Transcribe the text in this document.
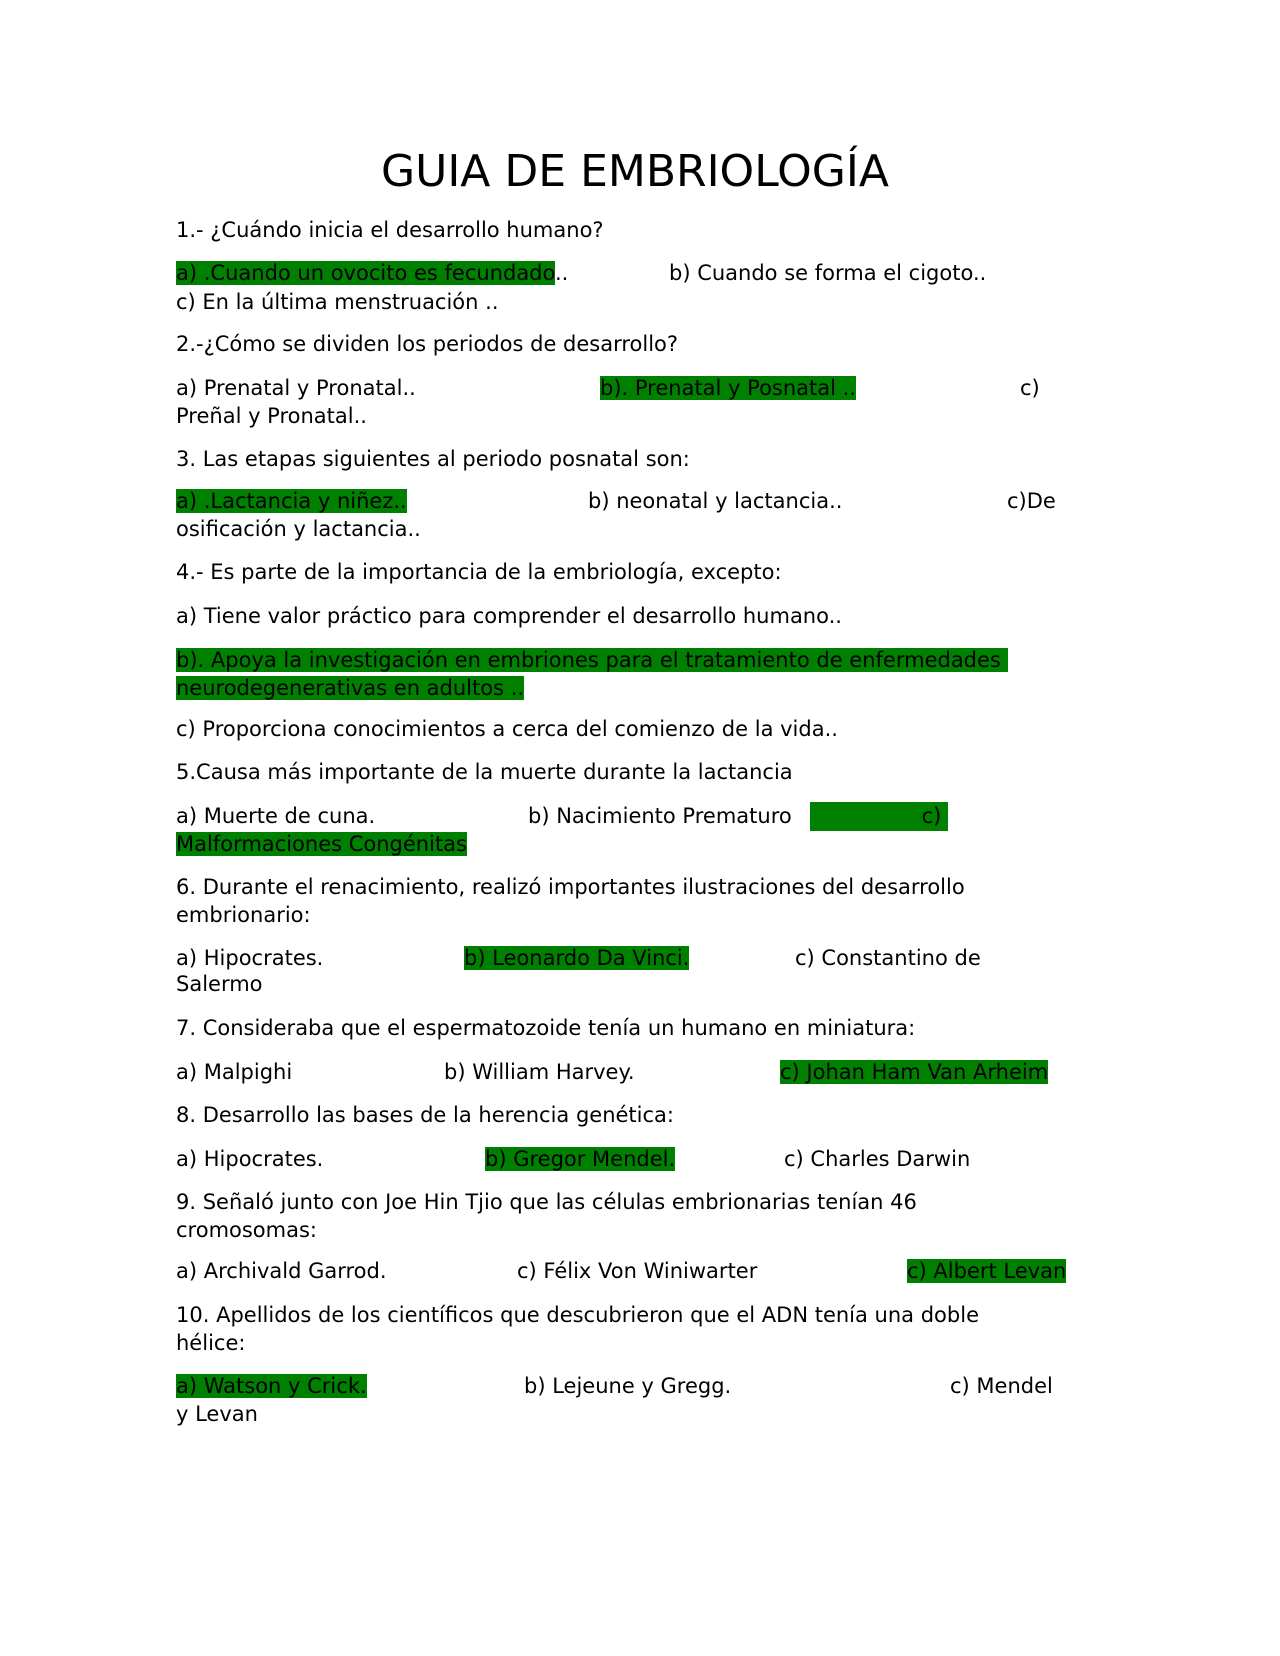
GUIA DE EMBRIOLOGÍA

1.- ¿Cuándo inicia el desarrollo humano?

a) .Cuando un ovocito es fecundado..	b) Cuando se forma el cigoto..

c) En la última menstruación ..

2.-¿Cómo se dividen los periodos de desarrollo?

a) Prenatal y Pronatal..	b). Prenatal y Posnatal ..	c)

Preñal y Pronatal..

3. Las etapas siguientes al periodo posnatal son:

a) .Lactancia y niñez..	b) neonatal y lactancia..	c)De

osificación y lactancia..

4.- Es parte de la importancia de la embriología, excepto:

a) Tiene valor práctico para comprender el desarrollo humano..

b). Apoya la investigación en embriones para el tratamiento de enfermedades

neurodegenerativas en adultos ..

c) Proporciona conocimientos a cerca del comienzo de la vida..

5.Causa más importante de la muerte durante la lactancia

a) Muerte de cuna.	b) Nacimiento Prematuro	c)

Malformaciones Congénitas

6. Durante el renacimiento, realizó importantes ilustraciones del desarrollo

embrionario:

a) Hipocrates.	b) Leonardo Da Vinci.	c) Constantino de

Salermo

7. Consideraba que el espermatozoide tenía un humano en miniatura:

a) Malpighi	b) William Harvey.	c) Johan Ham Van Arheim

8. Desarrollo las bases de la herencia genética:

a) Hipocrates.	b) Gregor Mendel.	c) Charles Darwin

9. Señaló junto con Joe Hin Tjio que las células embrionarias tenían 46

cromosomas:

a) Archivald Garrod.	c) Félix Von Winiwarter	c) Albert Levan

10. Apellidos de los científicos que descubrieron que el ADN tenía una doble

hélice:

a) Watson y Crick.	b) Lejeune y Gregg.	c) Mendel

y Levan
